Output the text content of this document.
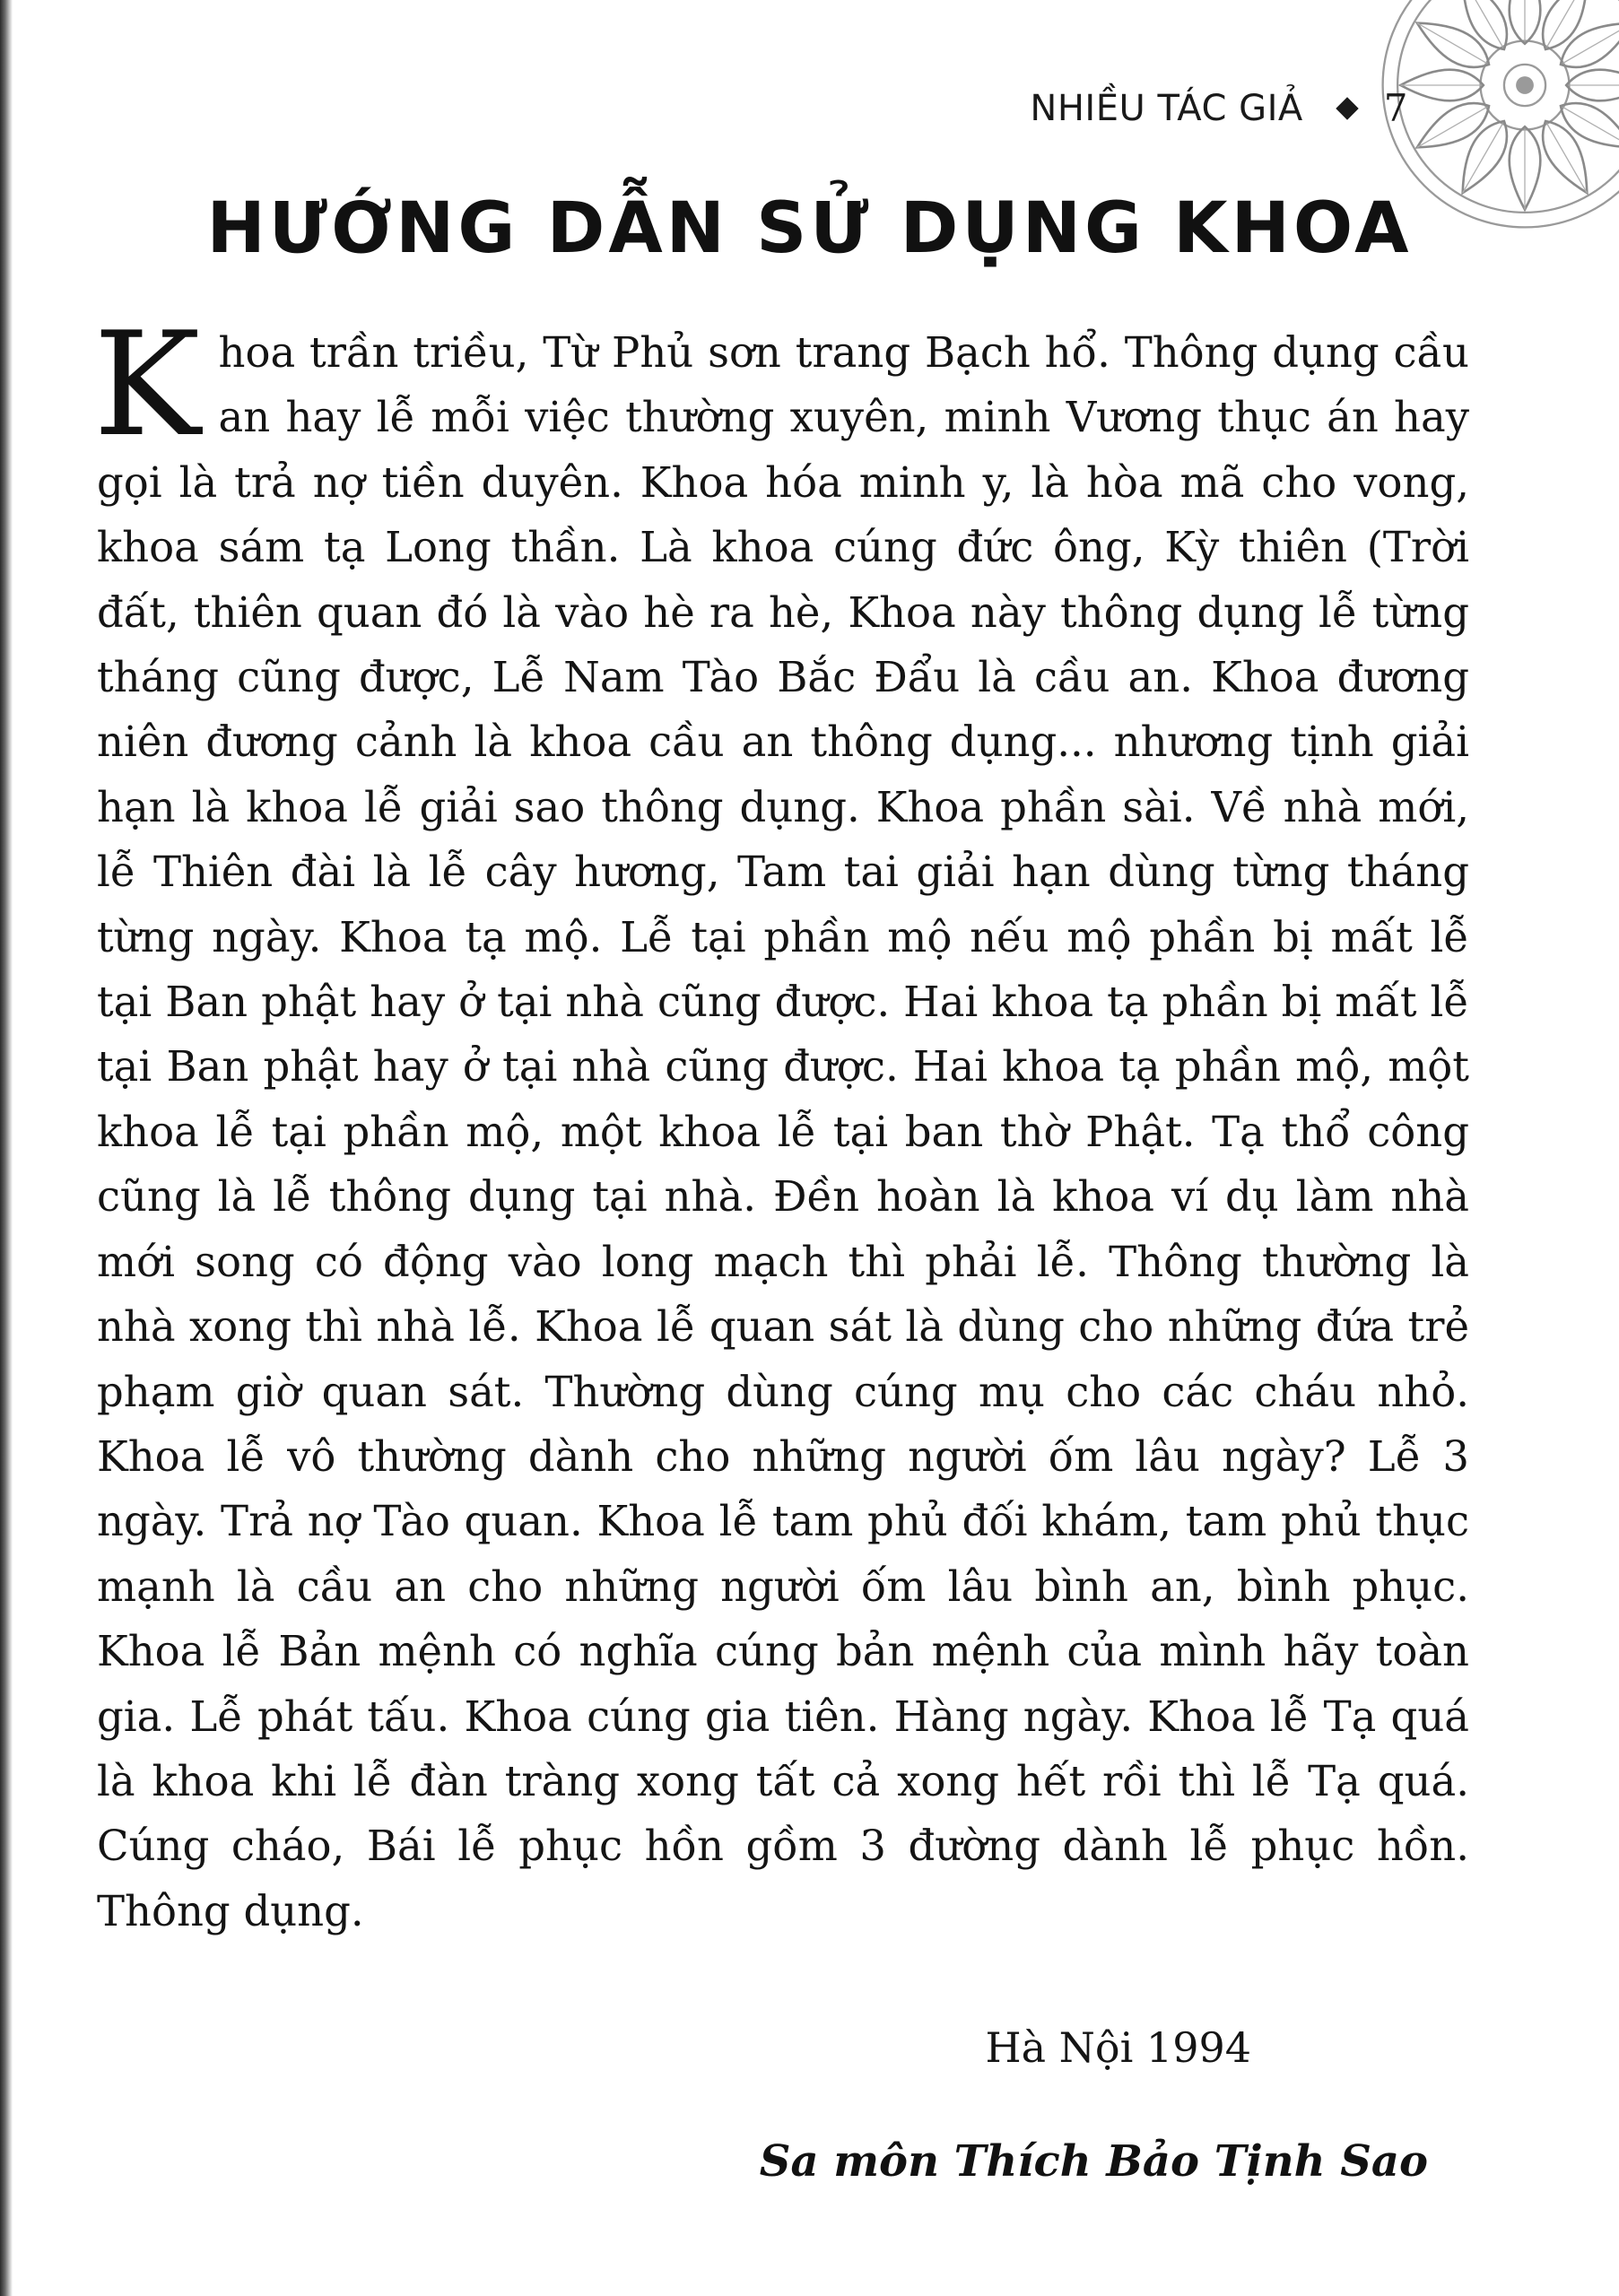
NHIỀU TÁC GIẢ 7
HƯỚNG DẪN SỬ DỤNG KHOA

Khoa trần triều, Từ Phủ sơn trang Bạch hổ. Thông dụng cầu an hay lễ mỗi việc thường xuyên, minh Vương thục án hay gọi là trả nợ tiền duyên. Khoa hóa minh y, là hòa mã cho vong, khoa sám tạ Long thần. Là khoa cúng đức ông, Kỳ thiên (Trời đất, thiên quan đó là vào hè ra hè, Khoa này thông dụng lễ từng tháng cũng được, Lễ Nam Tào Bắc Đẩu là cầu an. Khoa đương niên đương cảnh là khoa cầu an thông dụng... nhương tịnh giải hạn là khoa lễ giải sao thông dụng. Khoa phần sài. Về nhà mới, lễ Thiên đài là lễ cây hương, Tam tai giải hạn dùng từng tháng từng ngày. Khoa tạ mộ. Lễ tại phần mộ nếu mộ phần bị mất lễ tại Ban phật hay ở tại nhà cũng được. Hai khoa tạ phần bị mất lễ tại Ban phật hay ở tại nhà cũng được. Hai khoa tạ phần mộ, một khoa lễ tại phần mộ, một khoa lễ tại ban thờ Phật. Tạ thổ công cũng là lễ thông dụng tại nhà. Đền hoàn là khoa ví dụ làm nhà mới song có động vào long mạch thì phải lễ. Thông thường là nhà xong thì nhà lễ. Khoa lễ quan sát là dùng cho những đứa trẻ phạm giờ quan sát. Thường dùng cúng mụ cho các cháu nhỏ. Khoa lễ vô thường dành cho những người ốm lâu ngày? Lễ 3 ngày. Trả nợ Tào quan. Khoa lễ tam phủ đối khám, tam phủ thục mạnh là cầu an cho những người ốm lâu bình an, bình phục. Khoa lễ Bản mệnh có nghĩa cúng bản mệnh của mình hãy toàn gia. Lễ phát tấu. Khoa cúng gia tiên. Hàng ngày. Khoa lễ Tạ quá là khoa khi lễ đàn tràng xong tất cả xong hết rồi thì lễ Tạ quá. Cúng cháo, Bái lễ phục hồn gồm 3 đường dành lễ phục hồn. Thông dụng.

Hà Nội 1994
Sa môn Thích Bảo Tịnh Sao
